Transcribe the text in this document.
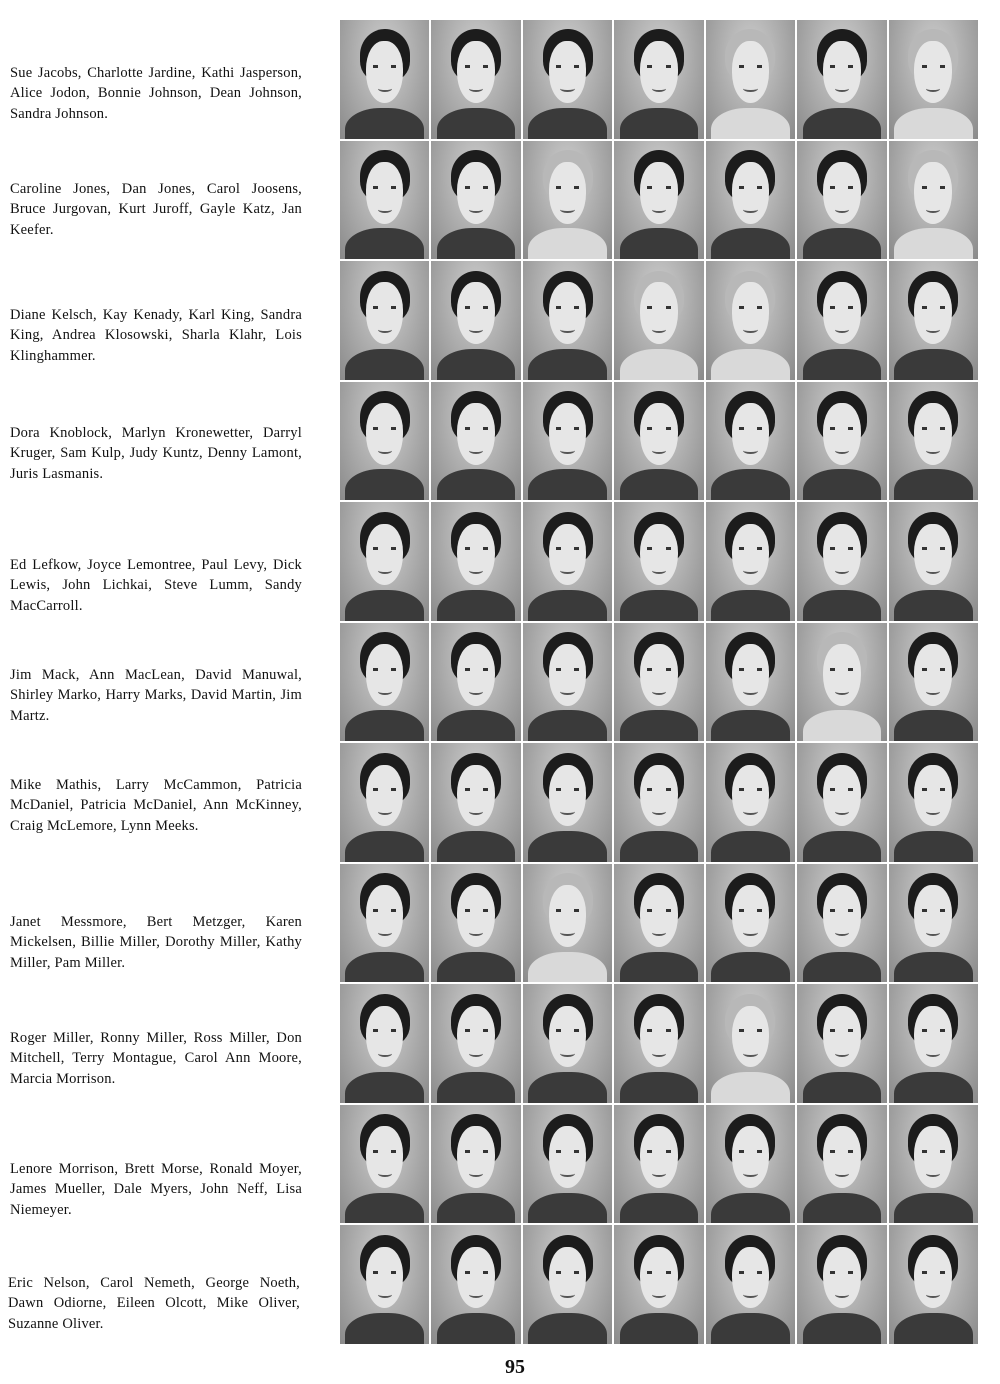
Sue Jacobs, Charlotte Jardine, Kathi Jasperson, Alice Jodon, Bonnie Johnson, Dean Johnson, Sandra Johnson.

Caroline Jones, Dan Jones, Carol Joosens, Bruce Jurgovan, Kurt Juroff, Gayle Katz, Jan Keefer.

Diane Kelsch, Kay Kenady, Karl King, Sandra King, Andrea Klosowski, Sharla Klahr, Lois Klinghammer.

Dora Knoblock, Marlyn Kronewetter, Darryl Kruger, Sam Kulp, Judy Kuntz, Denny Lamont, Juris Lasmanis.

Ed Lefkow, Joyce Lemontree, Paul Levy, Dick Lewis, John Lichkai, Steve Lumm, Sandy MacCarroll.

Jim Mack, Ann MacLean, David Manuwal, Shirley Marko, Harry Marks, David Martin, Jim Martz.

Mike Mathis, Larry McCammon, Patricia McDaniel, Patricia McDaniel, Ann McKinney, Craig McLemore, Lynn Meeks.

Janet Messmore, Bert Metzger, Karen Mickelsen, Billie Miller, Dorothy Miller, Kathy Miller, Pam Miller.

Roger Miller, Ronny Miller, Ross Miller, Don Mitchell, Terry Montague, Carol Ann Moore, Marcia Morrison.

Lenore Morrison, Brett Morse, Ronald Moyer, James Mueller, Dale Myers, John Neff, Lisa Niemeyer.

Eric Nelson, Carol Nemeth, George Noeth, Dawn Odiorne, Eileen Olcott, Mike Oliver, Suzanne Oliver.

95
